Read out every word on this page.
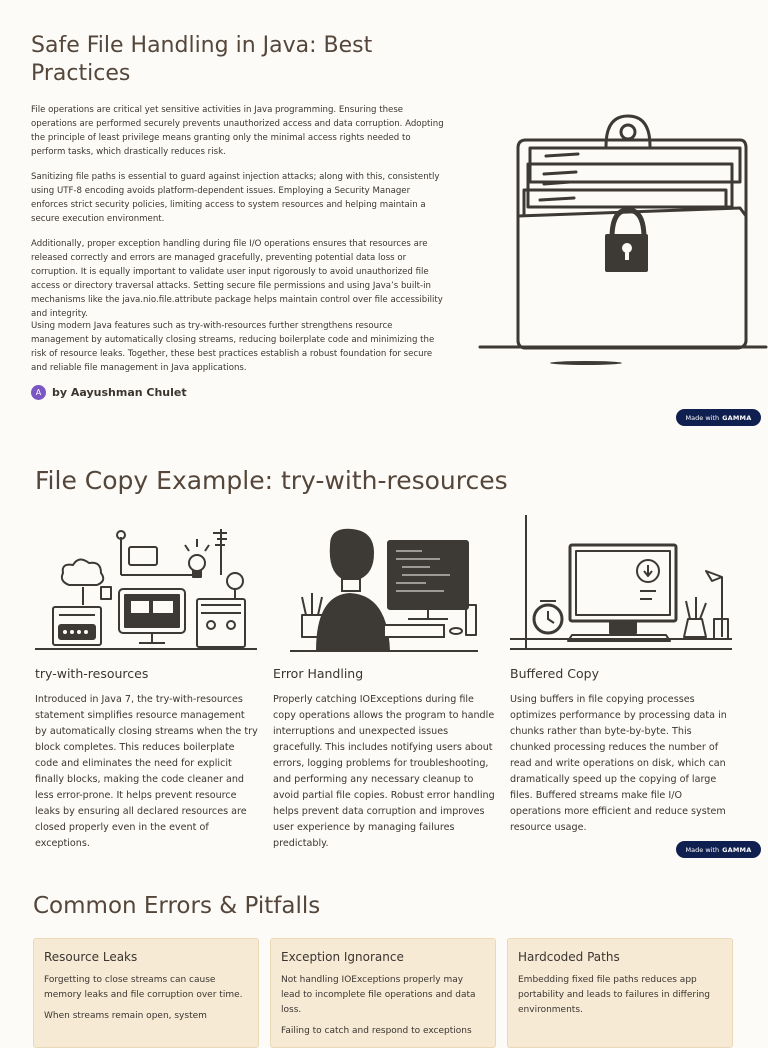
Safe File Handling in Java: Best Practices

File operations are critical yet sensitive activities in Java programming. Ensuring these operations are performed securely prevents unauthorized access and data corruption. Adopting the principle of least privilege means granting only the minimal access rights needed to perform tasks, which drastically reduces risk.

Sanitizing file paths is essential to guard against injection attacks; along with this, consistently using UTF-8 encoding avoids platform-dependent issues. Employing a Security Manager enforces strict security policies, limiting access to system resources and helping maintain a secure execution environment.

Additionally, proper exception handling during file I/O operations ensures that resources are released correctly and errors are managed gracefully, preventing potential data loss or corruption. It is equally important to validate user input rigorously to avoid unauthorized file access or directory traversal attacks. Setting secure file permissions and using Java’s built-in mechanisms like the java.nio.file.attribute package helps maintain control over file accessibility and integrity.

Using modern Java features such as try-with-resources further strengthens resource management by automatically closing streams, reducing boilerplate code and minimizing the risk of resource leaks. Together, these best practices establish a robust foundation for secure and reliable file management in Java applications.

A by Aayushman Chulet
Made with GAMMA
File Copy Example: try-with-resources
try-with-resources

Introduced in Java 7, the try-with-resources statement simplifies resource management by automatically closing streams when the try block completes. This reduces boilerplate code and eliminates the need for explicit finally blocks, making the code cleaner and less error-prone. It helps prevent resource leaks by ensuring all declared resources are closed properly even in the event of exceptions.

Error Handling

Properly catching IOExceptions during file copy operations allows the program to handle interruptions and unexpected issues gracefully. This includes notifying users about errors, logging problems for troubleshooting, and performing any necessary cleanup to avoid partial file copies. Robust error handling helps prevent data corruption and improves user experience by managing failures predictably.

Buffered Copy

Using buffers in file copying processes optimizes performance by processing data in chunks rather than byte-by-byte. This chunked processing reduces the number of read and write operations on disk, which can dramatically speed up the copying of large files. Buffered streams make file I/O operations more efficient and reduce system resource usage.

Made with GAMMA
Common Errors & Pitfalls
Resource Leaks

Forgetting to close streams can cause memory leaks and file corruption over time.

When streams remain open, system

Exception Ignorance

Not handling IOExceptions properly may lead to incomplete file operations and data loss.

Failing to catch and respond to exceptions

Hardcoded Paths

Embedding fixed file paths reduces app portability and leads to failures in differing environments.
